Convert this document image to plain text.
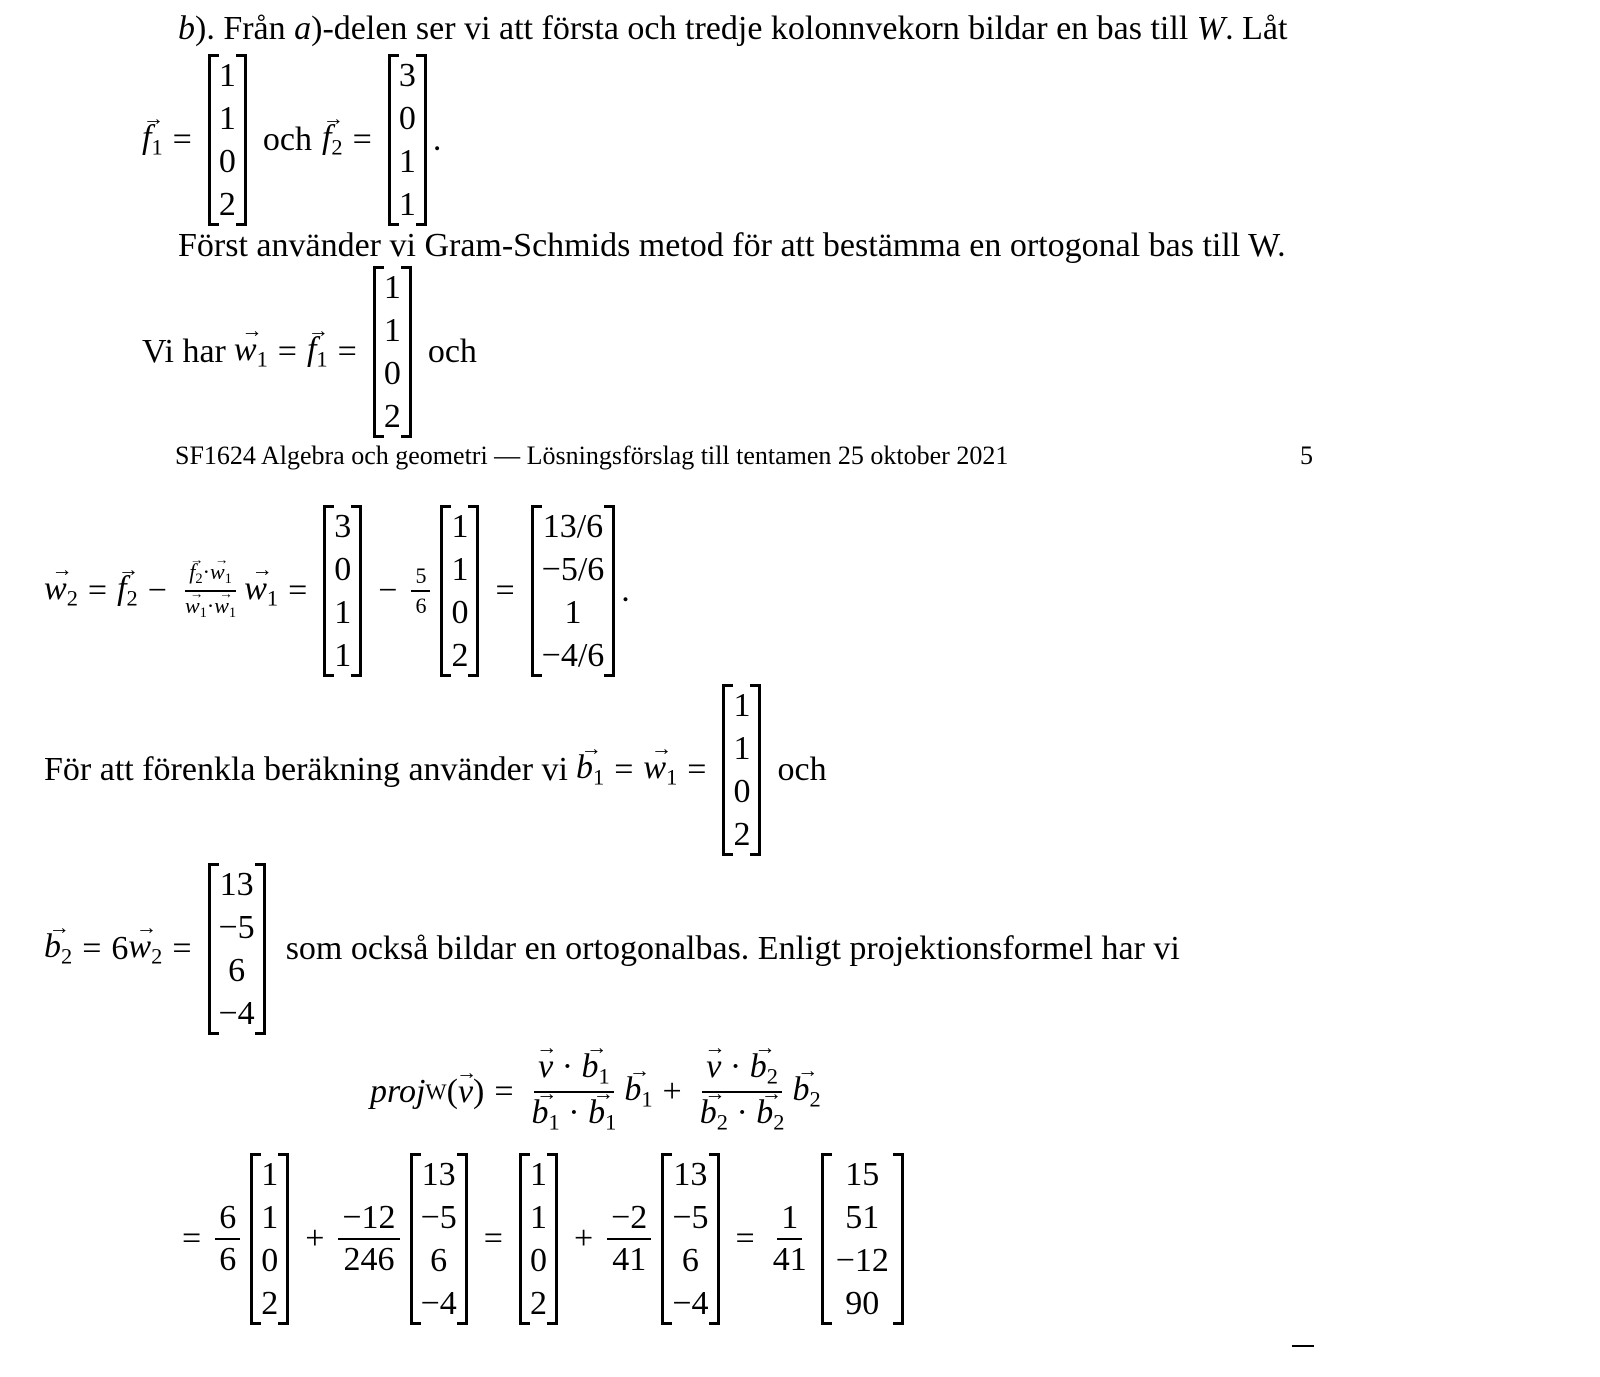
b). Från a)-delen ser vi att första och tredje kolonnvekorn bildar en bas till W. Låt
→ $f_1$ =
1
1
0
2
och
→ $f_2$ =
3
0
1
1
.
Först använder vi Gram-Schmids metod för att bestämma en ortogonal bas till W.
Vi har
→ $w_1$ =
→ $f_1$ =
1
1
0
2
och
SF1624 Algebra och geometri — Lösningsförslag till tentamen 25 oktober 2021	5
→ $w_2$ =
→ $f_2$ −
→ $f_2\cdot\to w_1$
→ $w_1\cdot\to w_1$
→ $w_1$ =
3
0
1
1
− $\frac{5}{6}$
1
1
0
2
=
13/6
−5/6
1
−4/6
.
För att förenkla beräkning använder vi
→ $b_1$ =
→ $w_1$ =
1
1
0
2
och
→ $b_2 = 6$
→ $w_2$ =
13
−5
6
−4
som också bildar en ortogonalbas. Enligt projektionsformel har vi
proj W (
→ v ) =
→ v · → $b_1$
→ $b_1$ · → $b_1$
→ $b_1$ +
→ v · → $b_2$
→ $b_2$ · → $b_2$
→ $b_2$
= $\frac{6}{6}$
1
1
0
2
+ $\frac{-12}{246}$
13
−5
6
−4
=
1
1
0
2
+ $\frac{-2}{41}$
13
−5
6
−4
= $\frac{1}{41}$
15
51
−12
90
